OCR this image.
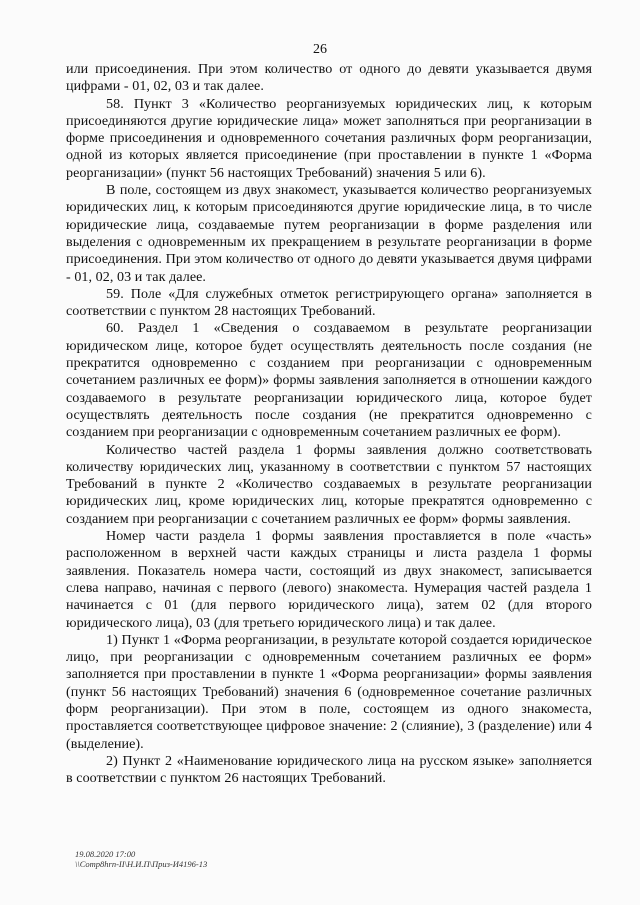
26

или присоединения. При этом количество от одного до девяти указывается двумя цифрами - 01, 02, 03 и так далее.

58. Пункт 3 «Количество реорганизуемых юридических лиц, к которым присоединяются другие юридические лица» может заполняться при реорганизации в форме присоединения и одновременного сочетания различных форм реорганизации, одной из которых является присоединение (при проставлении в пункте 1 «Форма реорганизации» (пункт 56 настоящих Требований) значения 5 или 6).

В поле, состоящем из двух знакомест, указывается количество реорганизуемых юридических лиц, к которым присоединяются другие юридические лица, в то числе юридические лица, создаваемые путем реорганизации в форме разделения или выделения с одновременным их прекращением в результате реорганизации в форме присоединения. При этом количество от одного до девяти указывается двумя цифрами - 01, 02, 03 и так далее.

59. Поле «Для служебных отметок регистрирующего органа» заполняется в соответствии с пунктом 28 настоящих Требований.

60. Раздел 1 «Сведения о создаваемом в результате реорганизации юридическом лице, которое будет осуществлять деятельность после создания (не прекратится одновременно с созданием при реорганизации с одновременным сочетанием различных ее форм)» формы заявления заполняется в отношении каждого создаваемого в результате реорганизации юридического лица, которое будет осуществлять деятельность после создания (не прекратится одновременно с созданием при реорганизации с одновременным сочетанием различных ее форм).

Количество частей раздела 1 формы заявления должно соответствовать количеству юридических лиц, указанному в соответствии с пунктом 57 настоящих Требований в пункте 2 «Количество создаваемых в результате реорганизации юридических лиц, кроме юридических лиц, которые прекратятся одновременно с созданием при реорганизации с сочетанием различных ее форм» формы заявления.

Номер части раздела 1 формы заявления проставляется в поле «часть» расположенном в верхней части каждых страницы и листа раздела 1 формы заявления. Показатель номера части, состоящий из двух знакомест, записывается слева направо, начиная с первого (левого) знакоместа. Нумерация частей раздела 1 начинается с 01 (для первого юридического лица), затем 02 (для второго юридического лица), 03 (для третьего юридического лица) и так далее.

1) Пункт 1 «Форма реорганизации, в результате которой создается юридическое лицо, при реорганизации с одновременным сочетанием различных ее форм» заполняется при проставлении в пункте 1 «Форма реорганизации» формы заявления (пункт 56 настоящих Требований) значения 6 (одновременное сочетание различных форм реорганизации). При этом в поле, состоящем из одного знакоместа, проставляется соответствующее цифровое значение: 2 (слияние), 3 (разделение) или 4 (выделение).

2) Пункт 2 «Наименование юридического лица на русском языке» заполняется в соответствии с пунктом 26 настоящих Требований.

19.08.2020 17:00
\\Comp8hrn-II\Н.И.П\Приз-И4196-13
